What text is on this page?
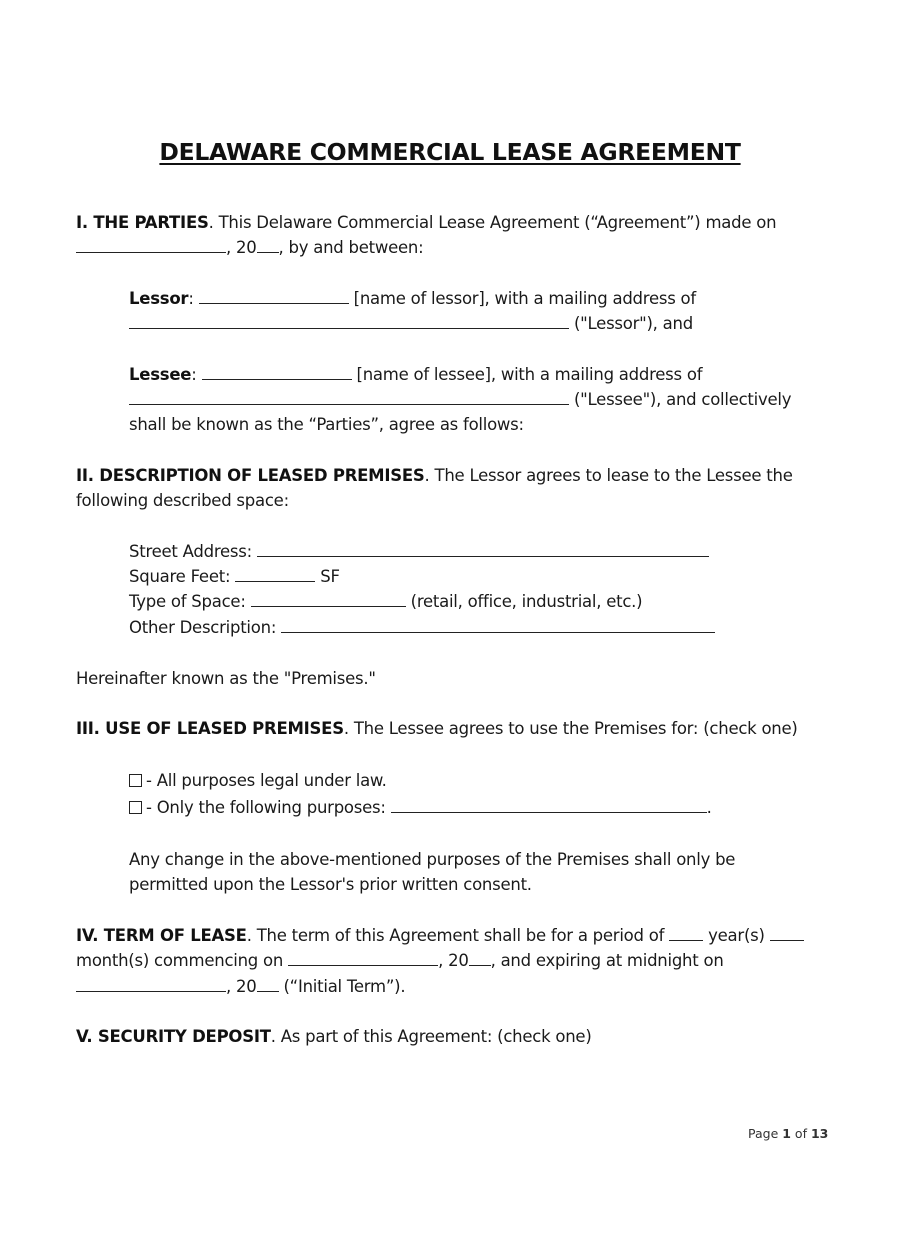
DELAWARE COMMERCIAL LEASE AGREEMENT
I. THE PARTIES. This Delaware Commercial Lease Agreement (“Agreement”) made on
, 20 , by and between:
Lessor:	[name of lessor], with a mailing address of
("Lessor"), and
Lessee:	[name of lessee], with a mailing address of
("Lessee"), and collectively
shall be known as the “Parties”, agree as follows:
II. DESCRIPTION OF LEASED PREMISES. The Lessor agrees to lease to the Lessee the
following described space:
Street Address:
Square Feet:	SF
Type of Space:	(retail, office, industrial, etc.)
Other Description:
Hereinafter known as the "Premises."
III. USE OF LEASED PREMISES. The Lessee agrees to use the Premises for: (check one)
- All purposes legal under law.
- Only the following purposes:	.
Any change in the above-mentioned purposes of the Premises shall only be
permitted upon the Lessor's prior written consent.
IV. TERM OF LEASE. The term of this Agreement shall be for a period of  year(s)
month(s) commencing on	, 20 , and expiring at midnight on
, 20 (“Initial Term”).
V. SECURITY DEPOSIT. As part of this Agreement: (check one)
Page 1 of 13
